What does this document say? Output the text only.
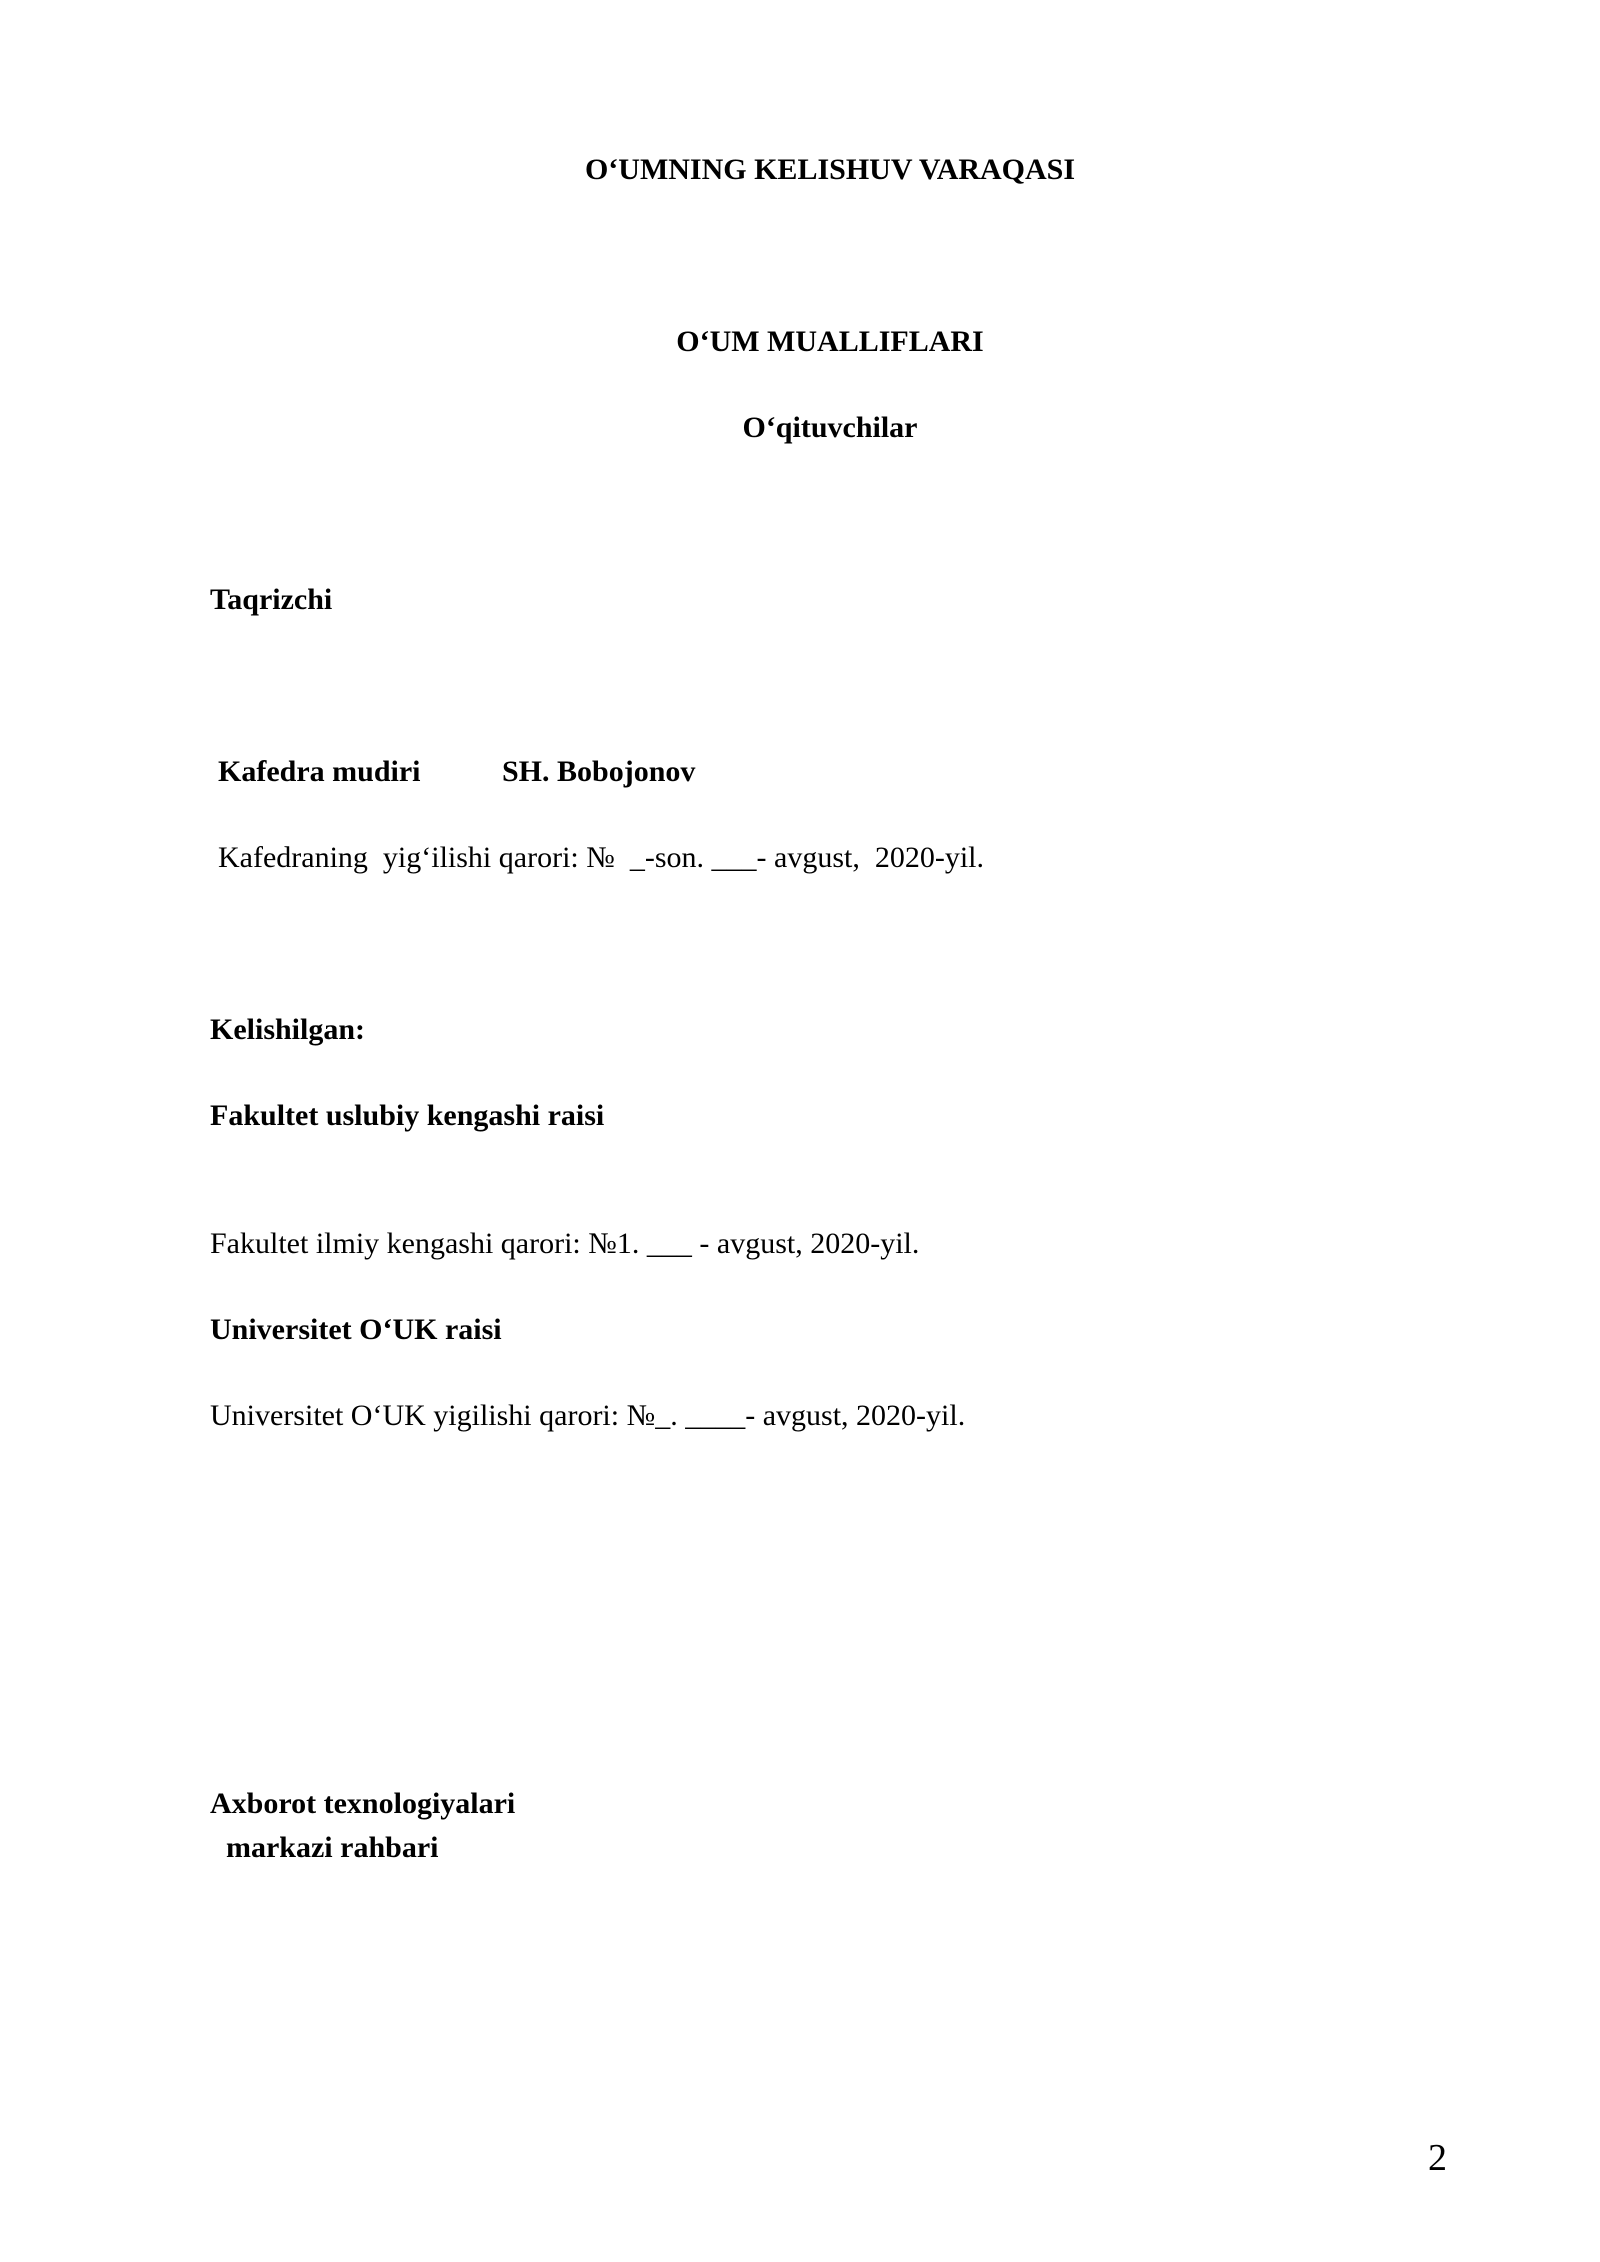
O‘UMNING KELISHUV VARAQASI
O‘UM MUALLIFLARI
O‘qituvchilar
Taqrizchi
Kafedra mudiri	SH. Bobojonov
Kafedraning  yig‘ilishi qarori: №  _-son. ___- avgust,  2020-yil.
Kelishilgan:
Fakultet uslubiy kengashi raisi
Fakultet ilmiy kengashi qarori: №1. ___ - avgust, 2020-yil.
Universitet O‘UK raisi
Universitet O‘UK yigilishi qarori: №_. ____- avgust, 2020-yil.
Axborot texnologiyalari
markazi rahbari
2
